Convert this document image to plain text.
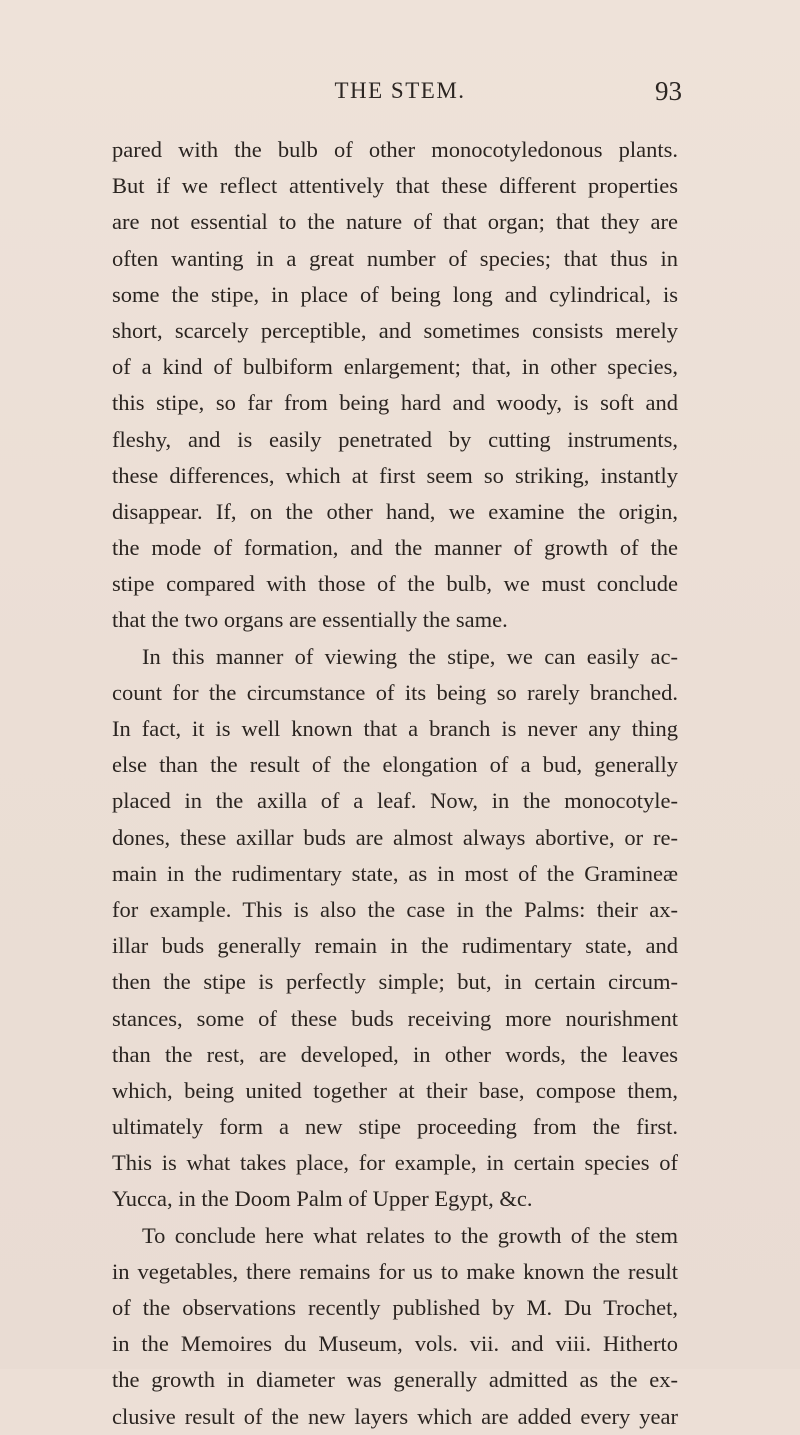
THE STEM.	93
pared with the bulb of other monocotyledonous plants.
But if we reflect attentively that these different properties
are not essential to the nature of that organ; that they are
often wanting in a great number of species; that thus in
some the stipe, in place of being long and cylindrical, is
short, scarcely perceptible, and sometimes consists merely
of a kind of bulbiform enlargement; that, in other species,
this stipe, so far from being hard and woody, is soft and
fleshy, and is easily penetrated by cutting instruments,
these differences, which at first seem so striking, instantly
disappear. If, on the other hand, we examine the origin,
the mode of formation, and the manner of growth of the
stipe compared with those of the bulb, we must conclude
that the two organs are essentially the same.
In this manner of viewing the stipe, we can easily ac-
count for the circumstance of its being so rarely branched.
In fact, it is well known that a branch is never any thing
else than the result of the elongation of a bud, generally
placed in the axilla of a leaf. Now, in the monocotyle-
dones, these axillar buds are almost always abortive, or re-
main in the rudimentary state, as in most of the Gramineæ
for example. This is also the case in the Palms: their ax-
illar buds generally remain in the rudimentary state, and
then the stipe is perfectly simple; but, in certain circum-
stances, some of these buds receiving more nourishment
than the rest, are developed, in other words, the leaves
which, being united together at their base, compose them,
ultimately form a new stipe proceeding from the first.
This is what takes place, for example, in certain species of
Yucca, in the Doom Palm of Upper Egypt, &c.
To conclude here what relates to the growth of the stem
in vegetables, there remains for us to make known the result
of the observations recently published by M. Du Trochet,
in the Memoires du Museum, vols. vii. and viii. Hitherto
the growth in diameter was generally admitted as the ex-
clusive result of the new layers which are added every year
